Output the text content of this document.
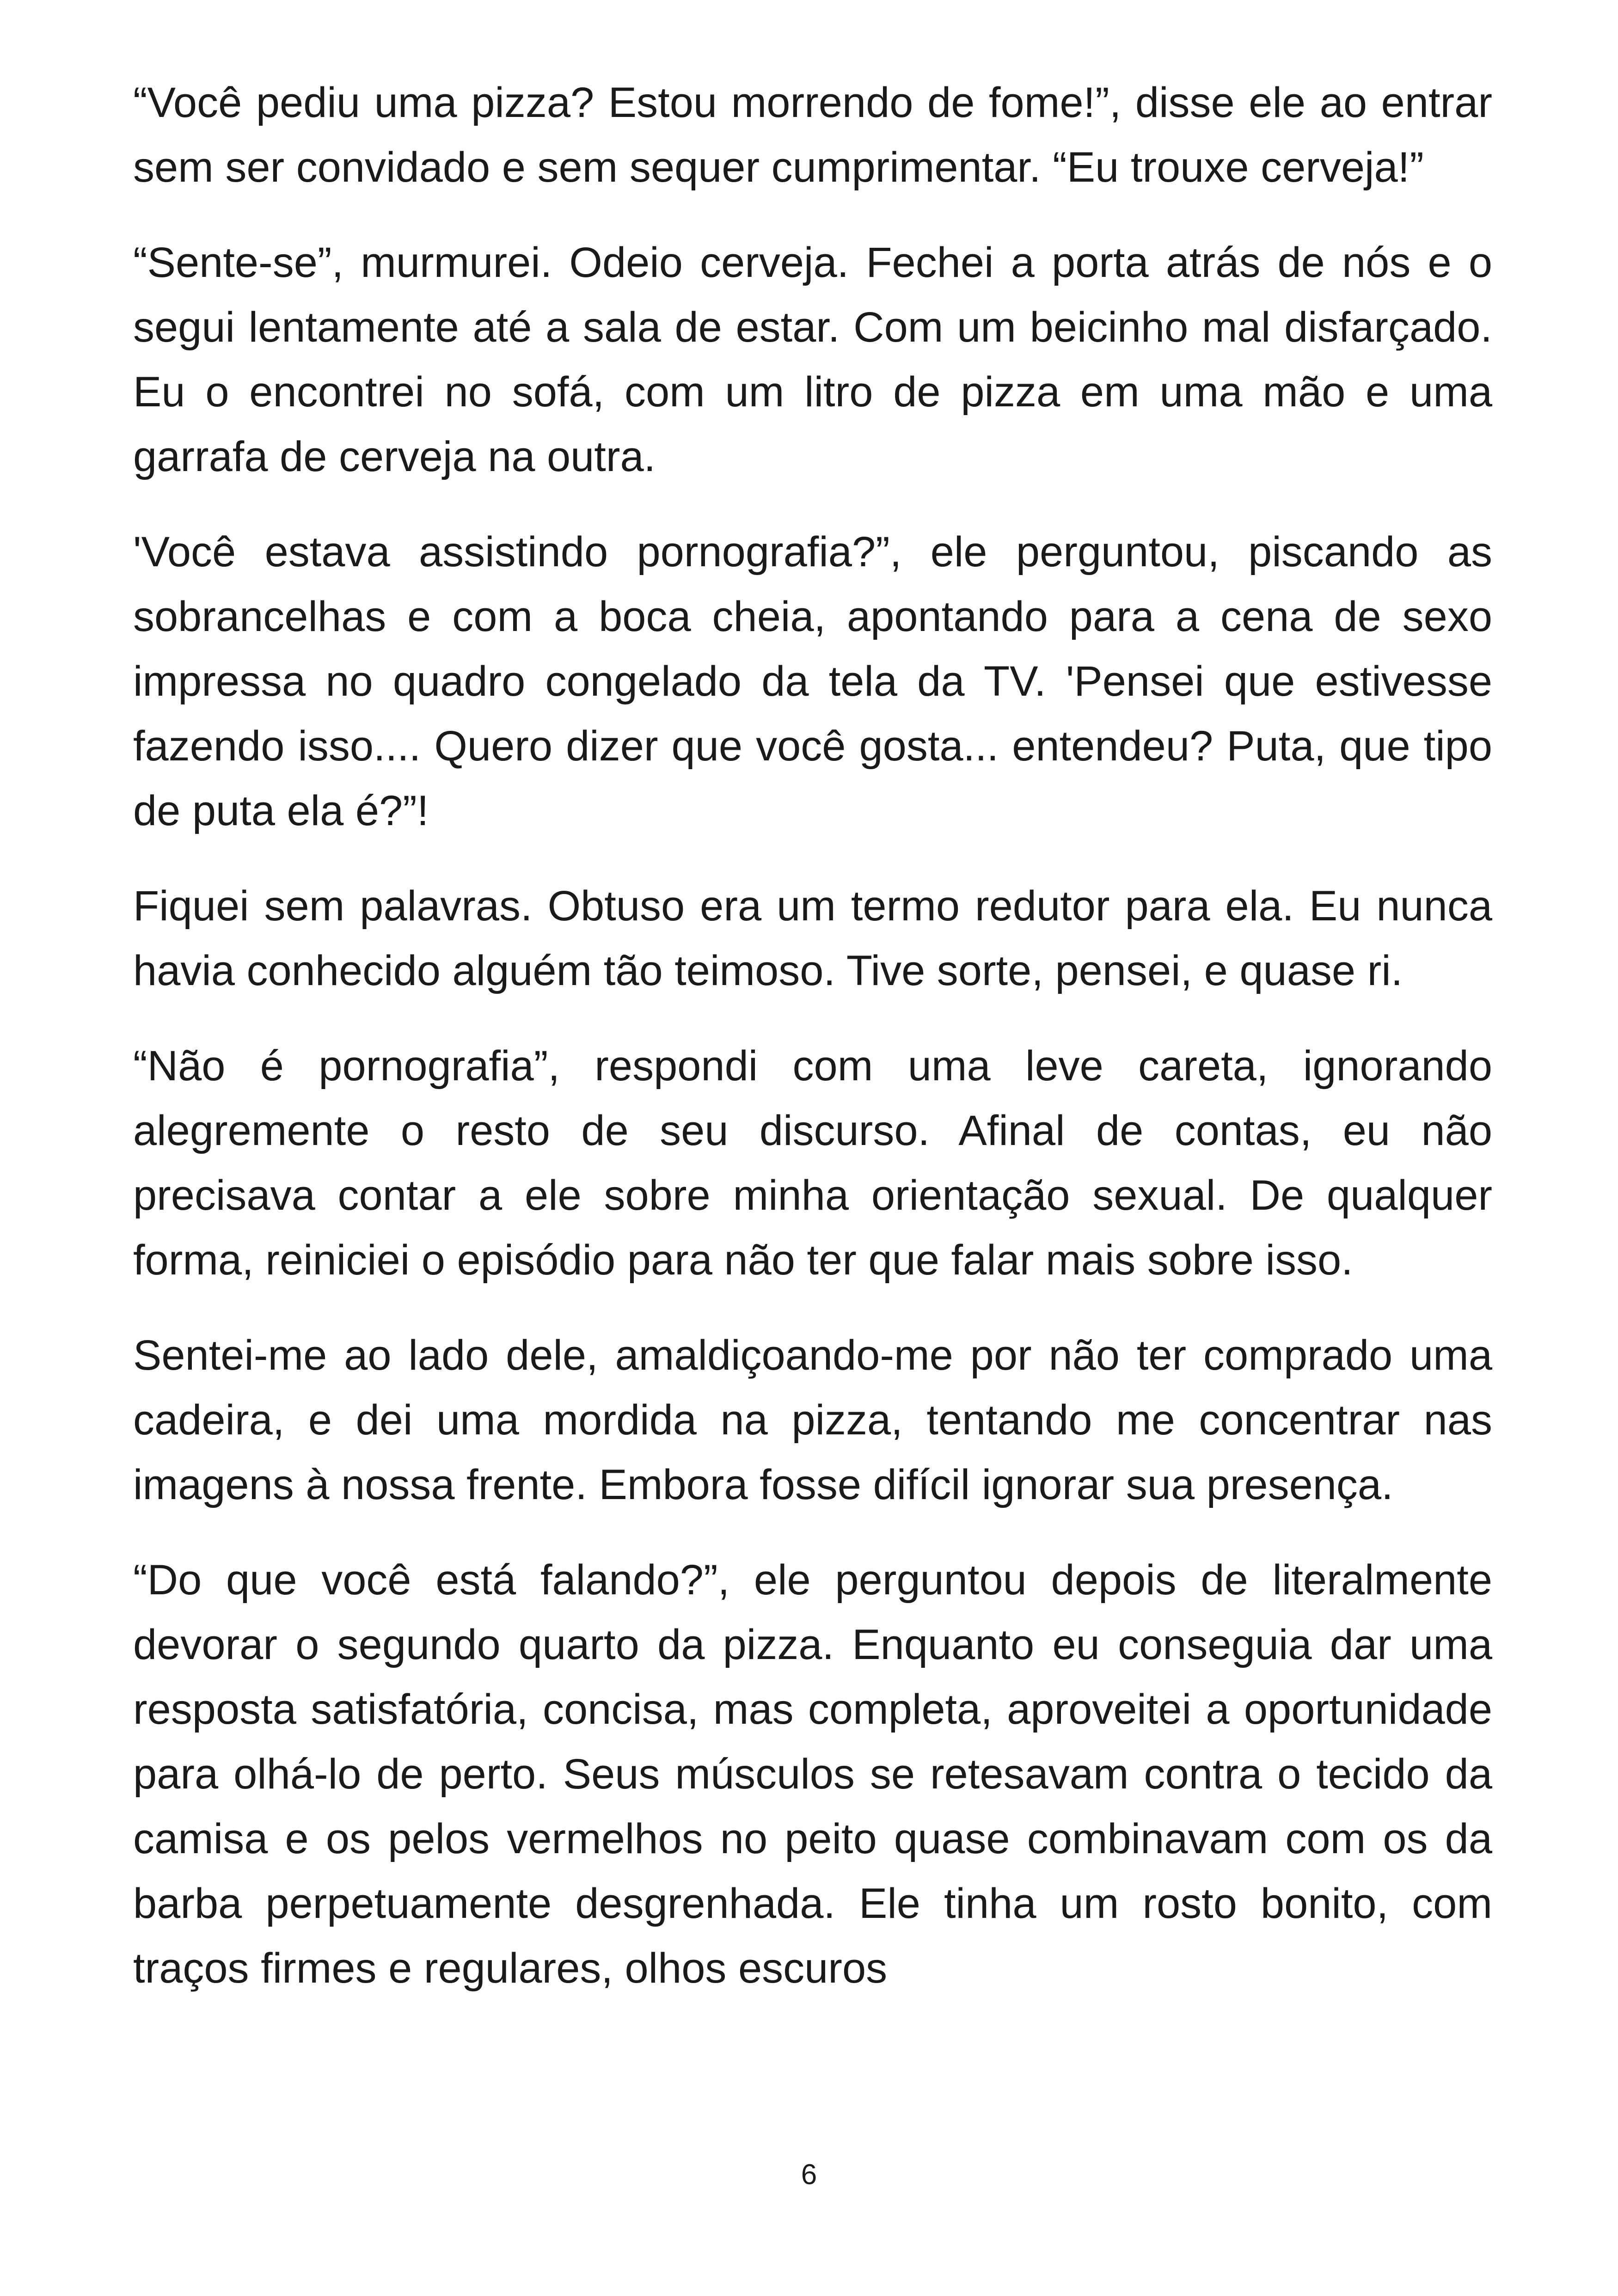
“Você pediu uma pizza? Estou morrendo de fome!”, disse ele ao entrar sem ser convidado e sem sequer cumprimentar. “Eu trouxe cerveja!”

“Sente-se”, murmurei. Odeio cerveja. Fechei a porta atrás de nós e o segui lentamente até a sala de estar. Com um beicinho mal disfarçado. Eu o encontrei no sofá, com um litro de pizza em uma mão e uma garrafa de cerveja na outra.

'Você estava assistindo pornografia?”, ele perguntou, piscando as sobrancelhas e com a boca cheia, apontando para a cena de sexo impressa no quadro congelado da tela da TV. 'Pensei que estivesse fazendo isso.... Quero dizer que você gosta... entendeu? Puta, que tipo de puta ela é?”!

Fiquei sem palavras. Obtuso era um termo redutor para ela. Eu nunca havia conhecido alguém tão teimoso. Tive sorte, pensei, e quase ri.

“Não é pornografia”, respondi com uma leve careta, ignorando alegremente o resto de seu discurso. Afinal de contas, eu não precisava contar a ele sobre minha orientação sexual. De qualquer forma, reiniciei o episódio para não ter que falar mais sobre isso.

Sentei-me ao lado dele, amaldiçoando-me por não ter comprado uma cadeira, e dei uma mordida na pizza, tentando me concentrar nas imagens à nossa frente. Embora fosse difícil ignorar sua presença.

“Do que você está falando?”, ele perguntou depois de literalmente devorar o segundo quarto da pizza. Enquanto eu conseguia dar uma resposta satisfatória, concisa, mas completa, aproveitei a oportunidade para olhá-lo de perto. Seus músculos se retesavam contra o tecido da camisa e os pelos vermelhos no peito quase combinavam com os da barba perpetuamente desgrenhada. Ele tinha um rosto bonito, com traços firmes e regulares, olhos escuros

6
